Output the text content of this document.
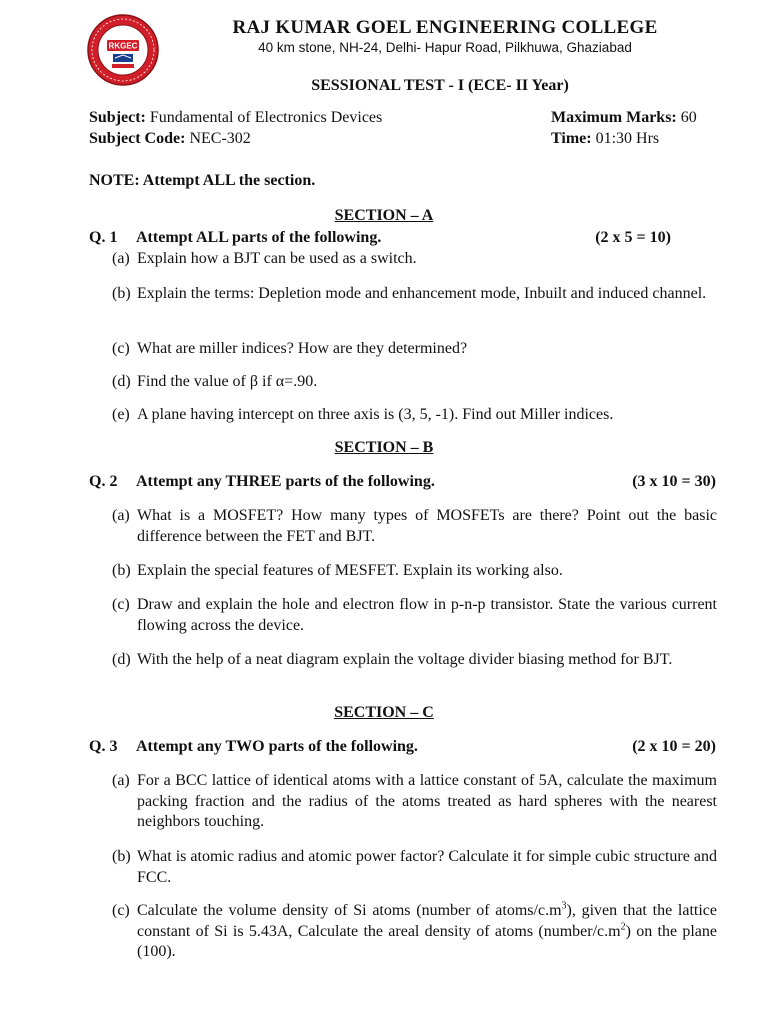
RKGEC
RAJ KUMAR GOEL ENGINEERING COLLEGE
40 km stone, NH-24, Delhi- Hapur Road, Pilkhuwa, Ghaziabad
SESSIONAL TEST - I (ECE- II Year)
Subject: Fundamental of Electronics Devices	Maximum Marks: 60
Subject Code: NEC-302	Time: 01:30 Hrs
NOTE: Attempt ALL the section.
SECTION – A
Q. 1 Attempt ALL parts of the following.	(2 x 5 = 10)
(a) Explain how a BJT can be used as a switch.
(b) Explain the terms: Depletion mode and enhancement mode, Inbuilt and induced channel.
(c) What are miller indices? How are they determined?
(d) Find the value of β if α=.90.
(e) A plane having intercept on three axis is (3, 5, -1). Find out Miller indices.
SECTION – B
Q. 2 Attempt any THREE parts of the following.	(3 x 10 = 30)
(a) What is a MOSFET? How many types of MOSFETs are there? Point out the basic difference between the FET and BJT.
(b) Explain the special features of MESFET. Explain its working also.
(c) Draw and explain the hole and electron flow in p-n-p transistor. State the various current flowing across the device.
(d) With the help of a neat diagram explain the voltage divider biasing method for BJT.
SECTION – C
Q. 3 Attempt any TWO parts of the following.	(2 x 10 = 20)
(a) For a BCC lattice of identical atoms with a lattice constant of 5A, calculate the maximum packing fraction and the radius of the atoms treated as hard spheres with the nearest neighbors touching.
(b) What is atomic radius and atomic power factor? Calculate it for simple cubic structure and FCC.
(c) Calculate the volume density of Si atoms (number of atoms/$c.m^3$), given that the lattice constant of Si is 5.43A, Calculate the areal density of atoms $(number/c.m^2)$ on the plane (100).
